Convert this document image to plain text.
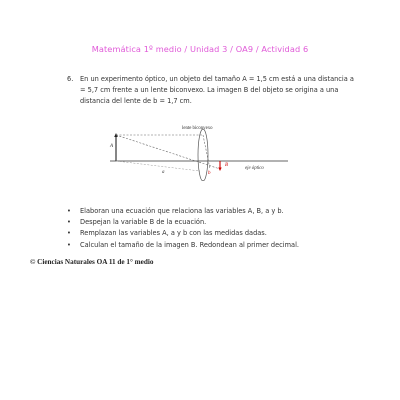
Matemática 1º medio / Unidad 3 / OA9 / Actividad 6
6. En un experimento óptico, un objeto del tamaño A = 1,5 cm está a una distancia a = 5,7 cm frente a un lente biconvexo. La imagen B del objeto se origina a una distancia del lente de b = 1,7 cm.
lente biconvexo
A
B
a	b
eje óptico
• Elaboran una ecuación que relaciona las variables A, B, a y b.
• Despejan la variable B de la ecuación.
• Remplazan las variables A, a y b con las medidas dadas.
• Calculan el tamaño de la imagen B. Redondean al primer decimal.
© Ciencias Naturales OA 11 de 1° medio
